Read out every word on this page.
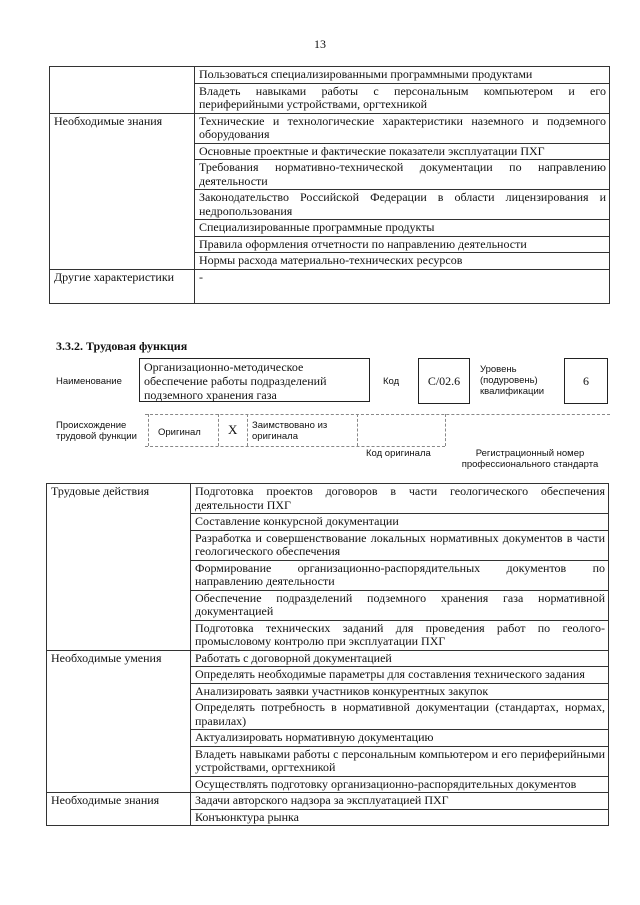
13
	Пользоваться специализированными программными продуктами
	Владеть навыками работы с персональным компьютером и его периферийными устройствами, оргтехникой
Необходимые знания	Технические и технологические характеристики наземного и подземного оборудования
	Основные проектные и фактические показатели эксплуатации ПХГ
	Требования нормативно-технической документации по направлению деятельности
	Законодательство Российской Федерации в области лицензирования и недропользования
	Специализированные программные продукты
	Правила оформления отчетности по направлению деятельности
	Нормы расхода материально-технических ресурсов
Другие характеристики	-
3.3.2. Трудовая функция
Наименование
Организационно-методическое обеспечение работы подразделений подземного хранения газа
Код С/02.6
Уровень (подуровень) квалификации
6
Происхождение трудовой функции	Оригинал X Заимствовано из оригинала
Код оригинала	Регистрационный номер профессионального стандарта
Трудовые действия	Подготовка проектов договоров в части геологического обеспечения деятельности ПХГ
	Составление конкурсной документации
	Разработка и совершенствование локальных нормативных документов в части геологического обеспечения
	Формирование организационно-распорядительных документов по направлению деятельности
	Обеспечение подразделений подземного хранения газа нормативной документацией
	Подготовка технических заданий для проведения работ по геолого-промысловому контролю при эксплуатации ПХГ
Необходимые умения	Работать с договорной документацией
	Определять необходимые параметры для составления технического задания
	Анализировать заявки участников конкурентных закупок
	Определять потребность в нормативной документации (стандартах, нормах, правилах)
	Актуализировать нормативную документацию
	Владеть навыками работы с персональным компьютером и его периферийными устройствами, оргтехникой
	Осуществлять подготовку организационно-распорядительных документов
Необходимые знания	Задачи авторского надзора за эксплуатацией ПХГ
	Конъюнктура рынка
